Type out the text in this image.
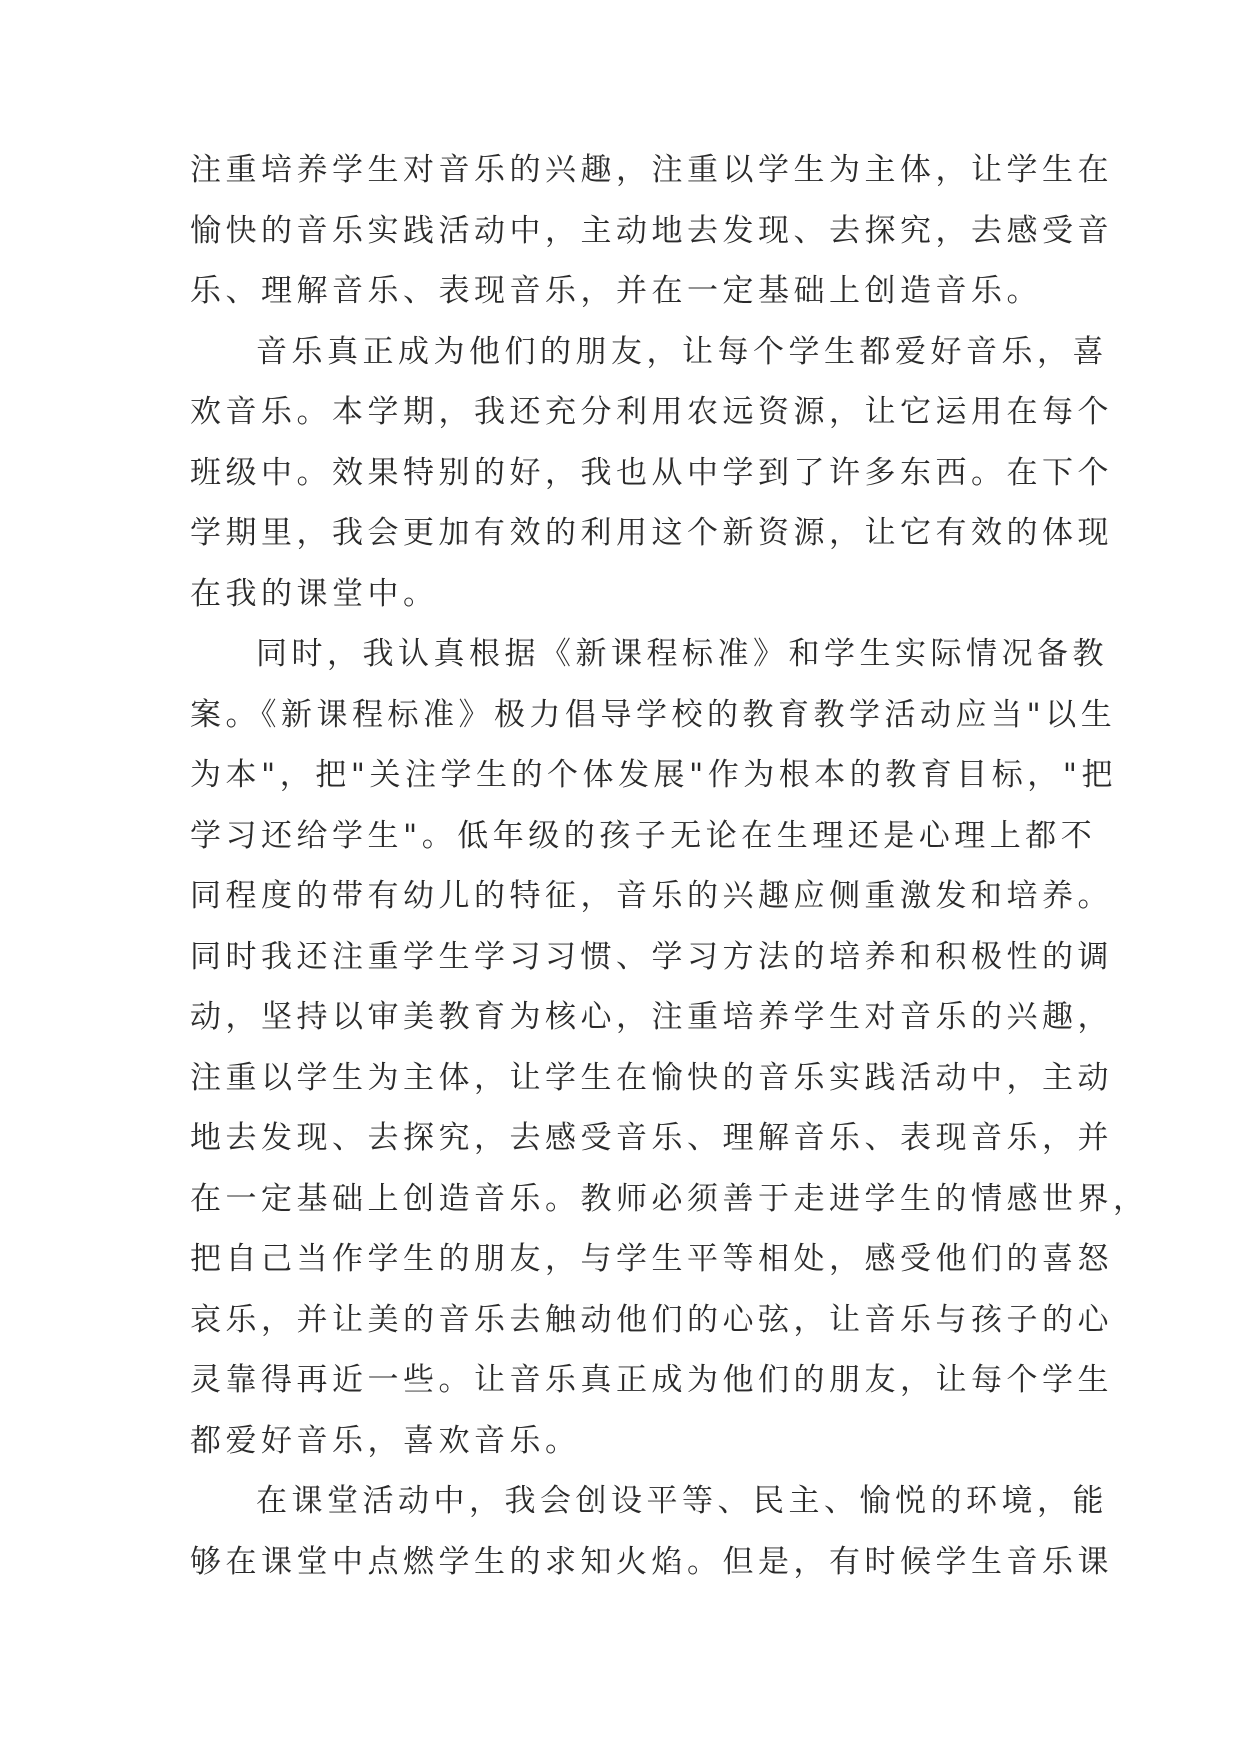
注重培养学生对音乐的兴趣，注重以学生为主体，让学生在
愉快的音乐实践活动中，主动地去发现、去探究，去感受音
乐、理解音乐、表现音乐，并在一定基础上创造音乐。
音乐真正成为他们的朋友，让每个学生都爱好音乐，喜
欢音乐。本学期，我还充分利用农远资源，让它运用在每个
班级中。效果特别的好，我也从中学到了许多东西。在下个
学期里，我会更加有效的利用这个新资源，让它有效的体现
在我的课堂中。
同时，我认真根据《新课程标准》和学生实际情况备教
案。《新课程标准》极力倡导学校的教育教学活动应当"以生
为本"，把"关注学生的个体发展"作为根本的教育目标，"把
学习还给学生"。低年级的孩子无论在生理还是心理上都不
同程度的带有幼儿的特征，音乐的兴趣应侧重激发和培养。
同时我还注重学生学习习惯、学习方法的培养和积极性的调
动，坚持以审美教育为核心，注重培养学生对音乐的兴趣，
注重以学生为主体，让学生在愉快的音乐实践活动中，主动
地去发现、去探究，去感受音乐、理解音乐、表现音乐，并
在一定基础上创造音乐。教师必须善于走进学生的情感世界，
把自己当作学生的朋友，与学生平等相处，感受他们的喜怒
哀乐，并让美的音乐去触动他们的心弦，让音乐与孩子的心
灵靠得再近一些。让音乐真正成为他们的朋友，让每个学生
都爱好音乐，喜欢音乐。
在课堂活动中，我会创设平等、民主、愉悦的环境，能
够在课堂中点燃学生的求知火焰。但是，有时候学生音乐课
